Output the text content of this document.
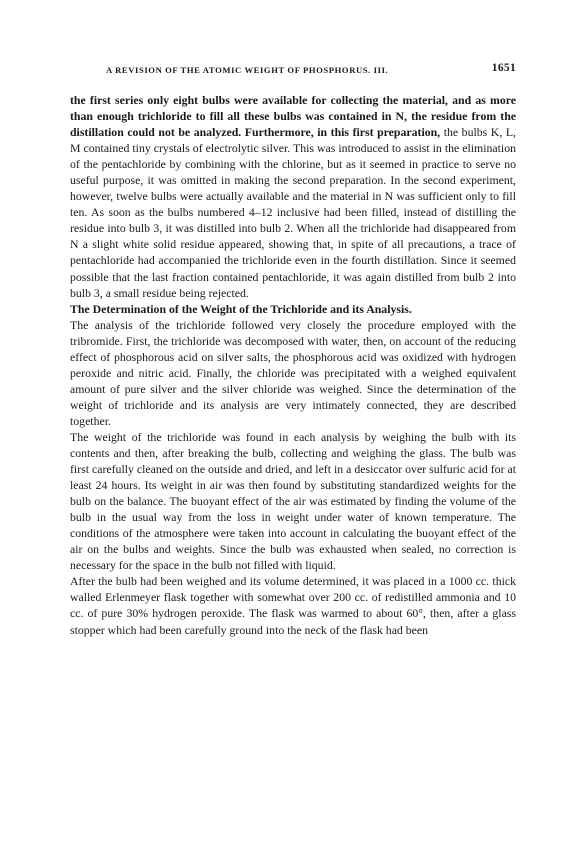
A REVISION OF THE ATOMIC WEIGHT OF PHOSPHORUS. III.	1651

the first series only eight bulbs were available for collecting the material, and as more than enough trichloride to fill all these bulbs was contained in N, the residue from the distillation could not be analyzed. Furthermore, in this first preparation, the bulbs K, L, M contained tiny crystals of electrolytic silver. This was introduced to assist in the elimination of the pentachloride by combining with the chlorine, but as it seemed in practice to serve no useful purpose, it was omitted in making the second preparation. In the second experiment, however, twelve bulbs were actually available and the material in N was sufficient only to fill ten. As soon as the bulbs numbered 4–12 inclusive had been filled, instead of distilling the residue into bulb 3, it was distilled into bulb 2. When all the trichloride had disappeared from N a slight white solid residue appeared, showing that, in spite of all precautions, a trace of pentachloride had accompanied the trichloride even in the fourth distillation. Since it seemed possible that the last fraction contained pentachloride, it was again distilled from bulb 2 into bulb 3, a small residue being rejected.

The Determination of the Weight of the Trichloride and its Analysis.

The analysis of the trichloride followed very closely the procedure employed with the tribromide. First, the trichloride was decomposed with water, then, on account of the reducing effect of phosphorous acid on silver salts, the phosphorous acid was oxidized with hydrogen peroxide and nitric acid. Finally, the chloride was precipitated with a weighed equivalent amount of pure silver and the silver chloride was weighed. Since the determination of the weight of trichloride and its analysis are very intimately connected, they are described together.

The weight of the trichloride was found in each analysis by weighing the bulb with its contents and then, after breaking the bulb, collecting and weighing the glass. The bulb was first carefully cleaned on the outside and dried, and left in a desiccator over sulfuric acid for at least 24 hours. Its weight in air was then found by substituting standardized weights for the bulb on the balance. The buoyant effect of the air was estimated by finding the volume of the bulb in the usual way from the loss in weight under water of known temperature. The conditions of the atmosphere were taken into account in calculating the buoyant effect of the air on the bulbs and weights. Since the bulb was exhausted when sealed, no correction is necessary for the space in the bulb not filled with liquid.

After the bulb had been weighed and its volume determined, it was placed in a 1000 cc. thick walled Erlenmeyer flask together with somewhat over 200 cc. of redistilled ammonia and 10 cc. of pure 30% hydrogen peroxide. The flask was warmed to about 60°, then, after a glass stopper which had been carefully ground into the neck of the flask had been
